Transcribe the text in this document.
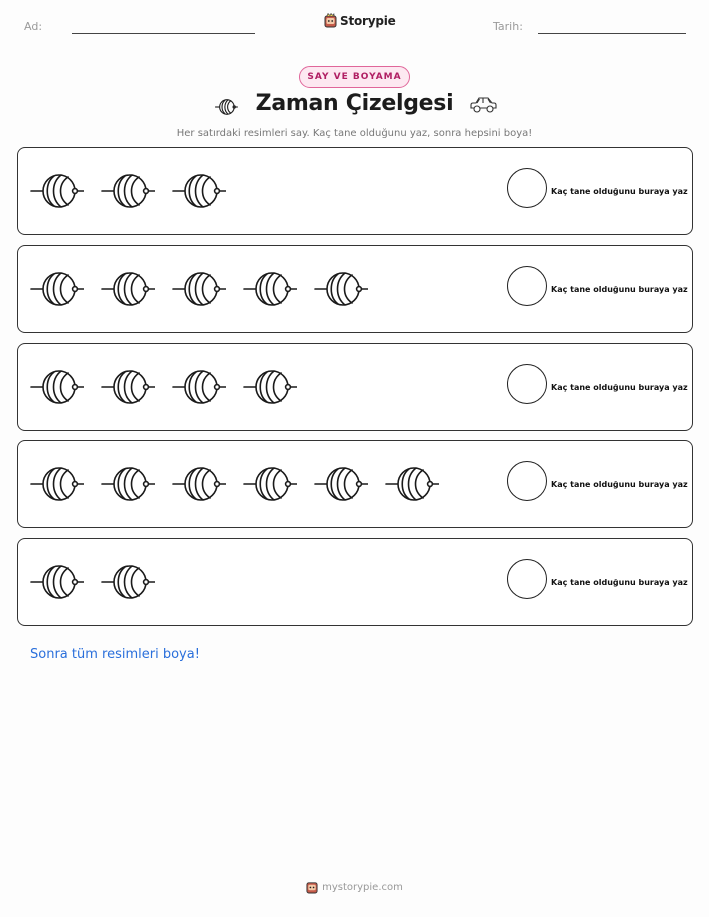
Ad:	Storypie	Tarih:
SAY VE BOYAMA
Zaman Çizelgesi
Her satırdaki resimleri say. Kaç tane olduğunu yaz, sonra hepsini boya!
Kaç tane olduğunu buraya yaz
Kaç tane olduğunu buraya yaz
Kaç tane olduğunu buraya yaz
Kaç tane olduğunu buraya yaz
Kaç tane olduğunu buraya yaz
Sonra tüm resimleri boya!
mystorypie.com
